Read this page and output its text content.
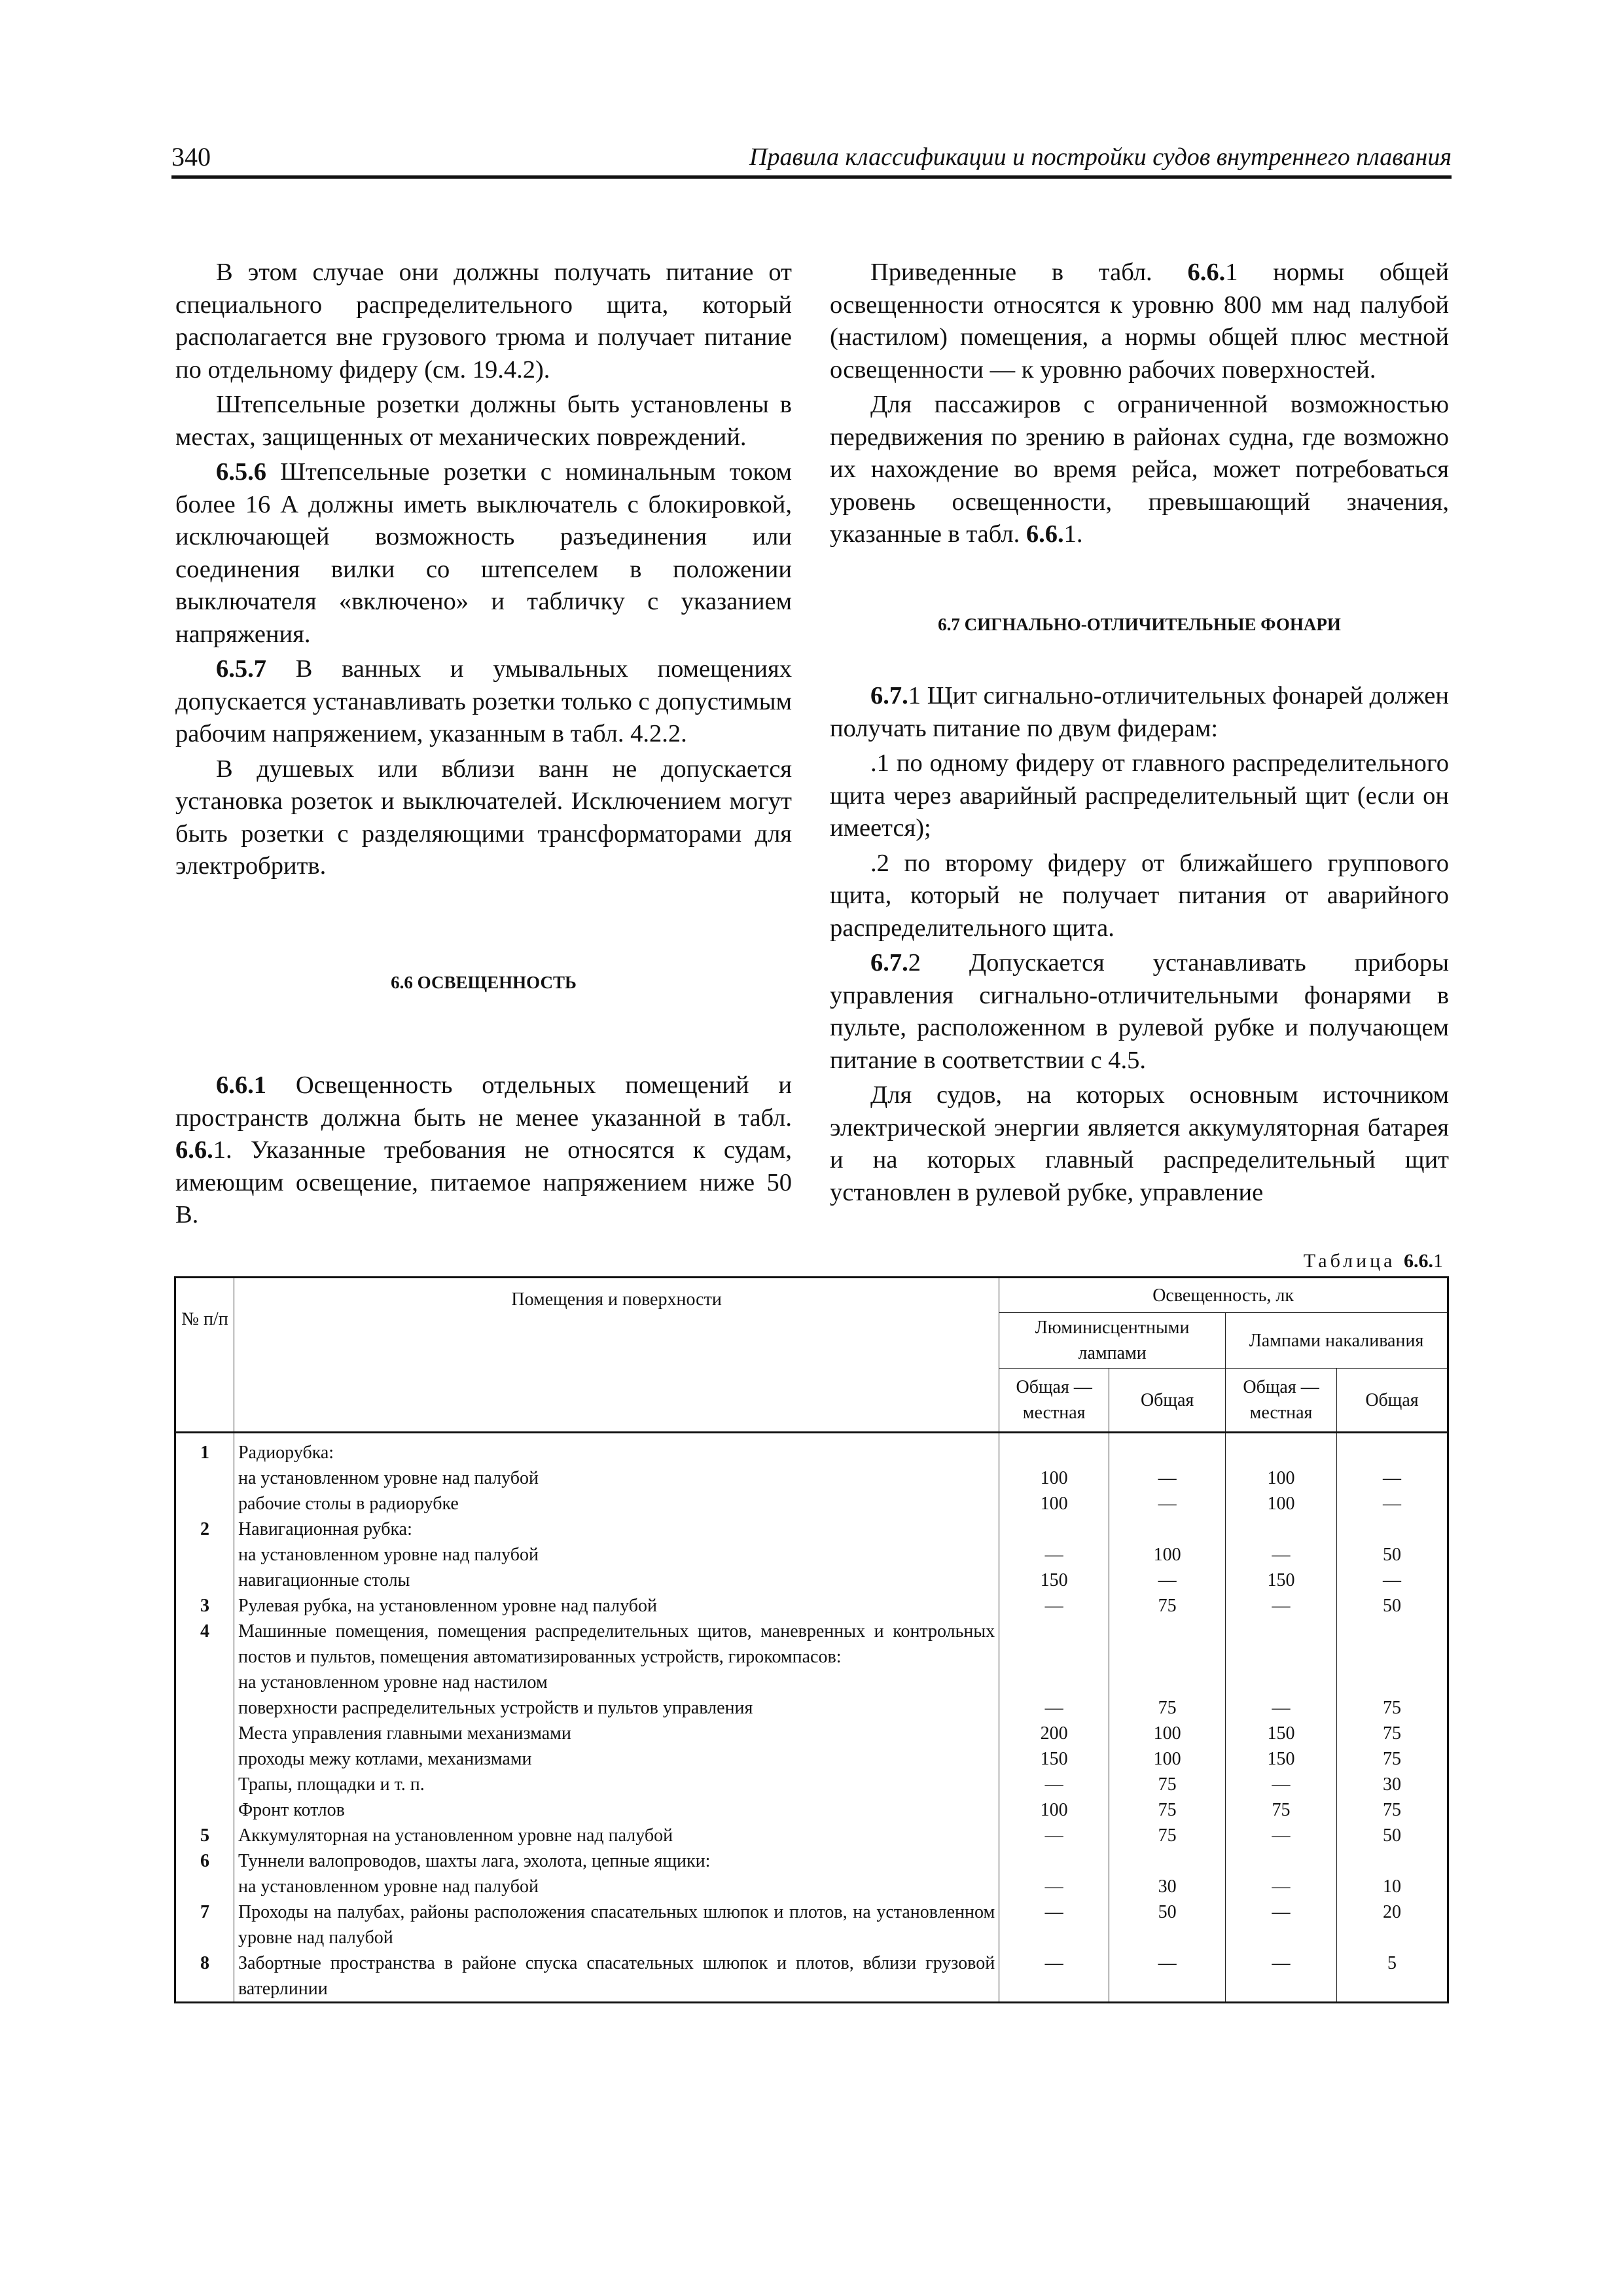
340	Правила классификации и постройки судов внутреннего плавания

В этом случае они должны получать питание от специального распределительного щита, который располагается вне грузового трюма и получает питание по отдельному фидеру (см. 19.4.2).

Штепсельные розетки должны быть установлены в местах, защищенных от механических повреждений.

6.5.6 Штепсельные розетки с номинальным током более 16 А должны иметь выключатель с блокировкой, исключающей возможность разъединения или соединения вилки со штепселем в положении выключателя «включено» и табличку с указанием напряжения.

6.5.7 В ванных и умывальных помещениях допускается устанавливать розетки только с допустимым рабочим напряжением, указанным в табл. 4.2.2.

В душевых или вблизи ванн не допускается установка розеток и выключателей. Исключением могут быть розетки с разделяющими трансформаторами для электробритв.

6.6 ОСВЕЩЕННОСТЬ

6.6.1 Освещенность отдельных помещений и пространств должна быть не менее указанной в табл. 6.6.1. Указанные требования не относятся к судам, имеющим освещение, питаемое напряжением ниже 50 В.

Приведенные в табл. 6.6.1 нормы общей освещенности относятся к уровню 800 мм над палубой (настилом) помещения, а нормы общей плюс местной освещенности — к уровню рабочих поверхностей.

Для пассажиров с ограниченной возможностью передвижения по зрению в районах судна, где возможно их нахождение во время рейса, может потребоваться уровень освещенности, превышающий значения, указанные в табл. 6.6.1.

6.7 СИГНАЛЬНО-ОТЛИЧИТЕЛЬНЫЕ ФОНАРИ

6.7.1 Щит сигнально-отличительных фонарей должен получать питание по двум фидерам:

.1 по одному фидеру от главного распределительного щита через аварийный распределительный щит (если он имеется);

.2 по второму фидеру от ближайшего группового щита, который не получает питания от аварийного распределительного щита.

6.7.2 Допускается устанавливать приборы управления сигнально-отличительными фонарями в пульте, расположенном в рулевой рубке и получающем питание в соответствии с 4.5.

Для судов, на которых основным источником электрической энергии является аккумуляторная батарея и на которых главный распределительный щит установлен в рулевой рубке, управление

Таблица 6.6.1
№ п/п	Помещения и поверхности	Освещенность, лк			
		Люминисцентными лампами		Лампами накаливания	
		Общая — местная	Общая	Общая — местная	Общая
1	Радиорубка:				
	на установленном уровне над палубой	100	—	100	—
	рабочие столы в радиорубке	100	—	100	—
2	Навигационная рубка:				
	на установленном уровне над палубой	—	100	—	50
	навигационные столы	150	—	150	—
3	Рулевая рубка, на установленном уровне над палубой	—	75	—	50
4	Машинные помещения, помещения распределительных щитов, маневренных и контрольных постов и пультов, помещения автоматизированных устройств, гирокомпасов:				
	на установленном уровне над настилом				
	поверхности распределительных устройств и пультов управления	—	75	—	75
	Места управления главными механизмами	200	100	150	75
	проходы межу котлами, механизмами	150	100	150	75
	Трапы, площадки и т. п.	—	75	—	30
	Фронт котлов	100	75	75	75
5	Аккумуляторная на установленном уровне над палубой	—	75	—	50
6	Туннели валопроводов, шахты лага, эхолота, цепные ящики:				
	на установленном уровне над палубой	—	30	—	10
7	Проходы на палубах, районы расположения спасательных шлюпок и плотов, на установленном уровне над палубой	—	50	—	20
8	Забортные пространства в районе спуска спасательных шлюпок и плотов, вблизи грузовой ватерлинии	—	—	—	5
